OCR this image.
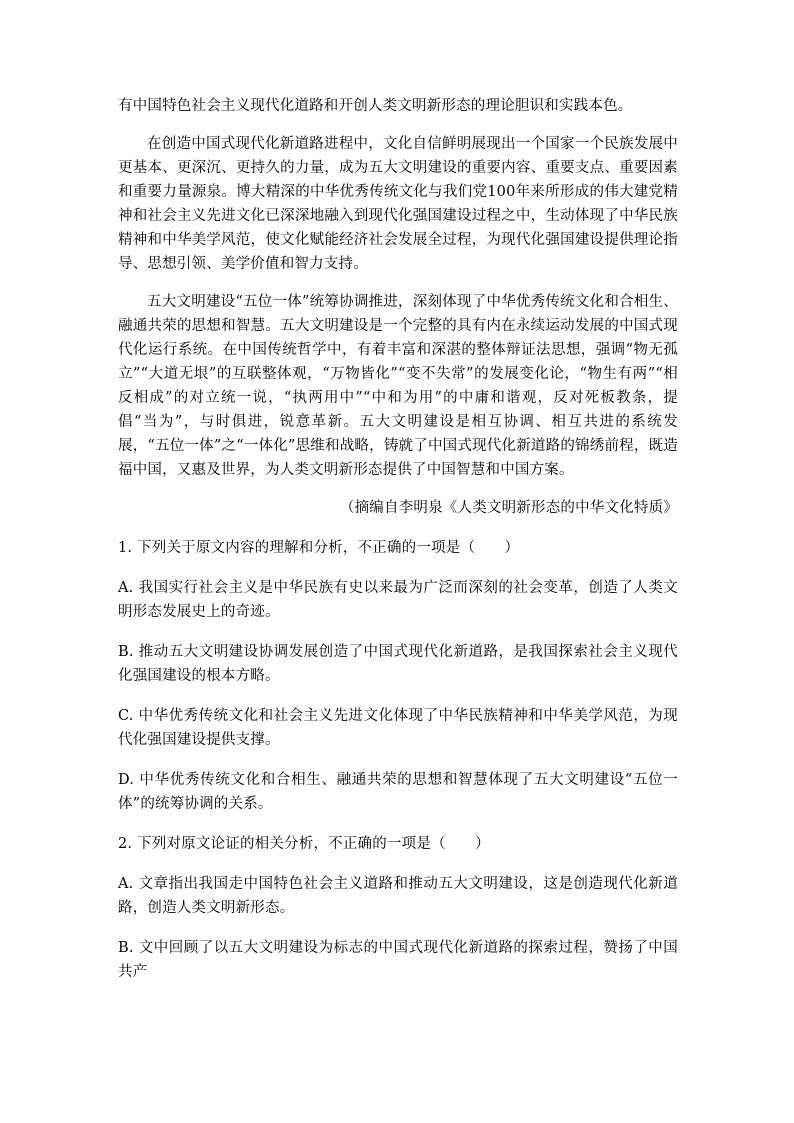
有中国特色社会主义现代化道路和开创人类文明新形态的理论胆识和实践本色。

在创造中国式现代化新道路进程中，文化自信鲜明展现出一个国家一个民族发展中更基本、更深沉、更持久的力量，成为五大文明建设的重要内容、重要支点、重要因素和重要力量源泉。博大精深的中华优秀传统文化与我们党100年来所形成的伟大建党精神和社会主义先进文化已深深地融入到现代化强国建设过程之中，生动体现了中华民族精神和中华美学风范，使文化赋能经济社会发展全过程，为现代化强国建设提供理论指导、思想引领、美学价值和智力支持。

五大文明建设“五位一体”统筹协调推进，深刻体现了中华优秀传统文化和合相生、融通共荣的思想和智慧。五大文明建设是一个完整的具有内在永续运动发展的中国式现代化运行系统。在中国传统哲学中，有着丰富和深湛的整体辩证法思想，强调“物无孤立”“大道无垠”的互联整体观，“万物皆化”“变不失常”的发展变化论，“物生有两”“相反相成”的对立统一说，“执两用中”“中和为用”的中庸和谐观，反对死板教条，提倡“当为”，与时俱进，锐意革新。五大文明建设是相互协调、相互共进的系统发展，“五位一体”之“一体化”思维和战略，铸就了中国式现代化新道路的锦绣前程，既造福中国，又惠及世界，为人类文明新形态提供了中国智慧和中国方案。

（摘编自李明泉《人类文明新形态的中华文化特质》

1. 下列关于原文内容的理解和分析，不正确的一项是（　　）

A. 我国实行社会主义是中华民族有史以来最为广泛而深刻的社会变革，创造了人类文明形态发展史上的奇迹。

B. 推动五大文明建设协调发展创造了中国式现代化新道路，是我国探索社会主义现代化强国建设的根本方略。

C. 中华优秀传统文化和社会主义先进文化体现了中华民族精神和中华美学风范，为现代化强国建设提供支撑。

D. 中华优秀传统文化和合相生、融通共荣的思想和智慧体现了五大文明建设“五位一体”的统筹协调的关系。

2. 下列对原文论证的相关分析，不正确的一项是（　　）

A. 文章指出我国走中国特色社会主义道路和推动五大文明建设，这是创造现代化新道路，创造人类文明新形态。

B. 文中回顾了以五大文明建设为标志的中国式现代化新道路的探索过程，赞扬了中国共产
